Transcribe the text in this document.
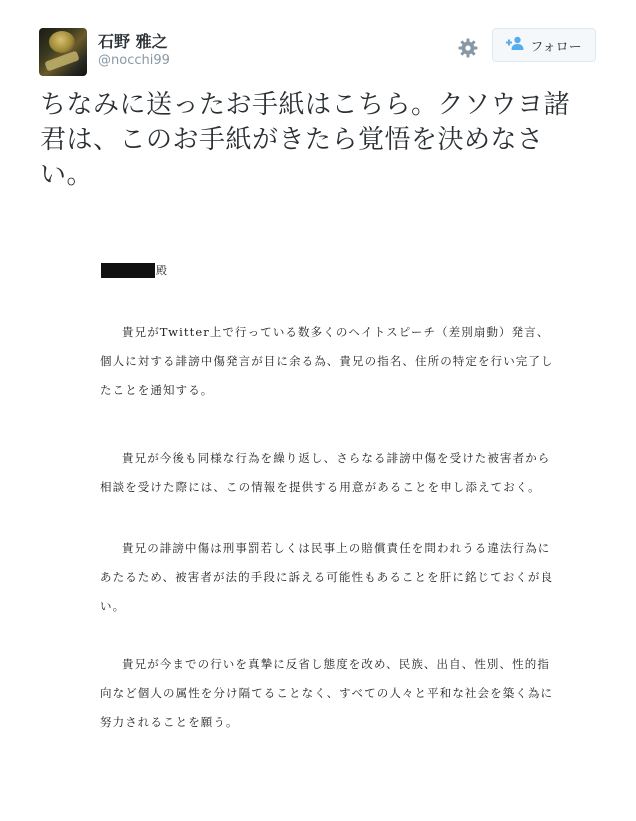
石野 雅之
@nocchi99
フォロー
ちなみに送ったお手紙はこちら。クソウヨ諸君は、このお手紙がきたら覚悟を決めなさい。
殿
貴兄がTwitter上で行っている数多くのヘイトスピーチ（差別扇動）発言、個人に対する誹謗中傷発言が目に余る為、貴兄の指名、住所の特定を行い完了したことを通知する。
貴兄が今後も同様な行為を繰り返し、さらなる誹謗中傷を受けた被害者から相談を受けた際には、この情報を提供する用意があることを申し添えておく。
貴兄の誹謗中傷は刑事罰若しくは民事上の賠償責任を問われうる違法行為にあたるため、被害者が法的手段に訴える可能性もあることを肝に銘じておくが良い。
貴兄が今までの行いを真摯に反省し態度を改め、民族、出自、性別、性的指向など個人の属性を分け隔てることなく、すべての人々と平和な社会を築く為に努力されることを願う。
